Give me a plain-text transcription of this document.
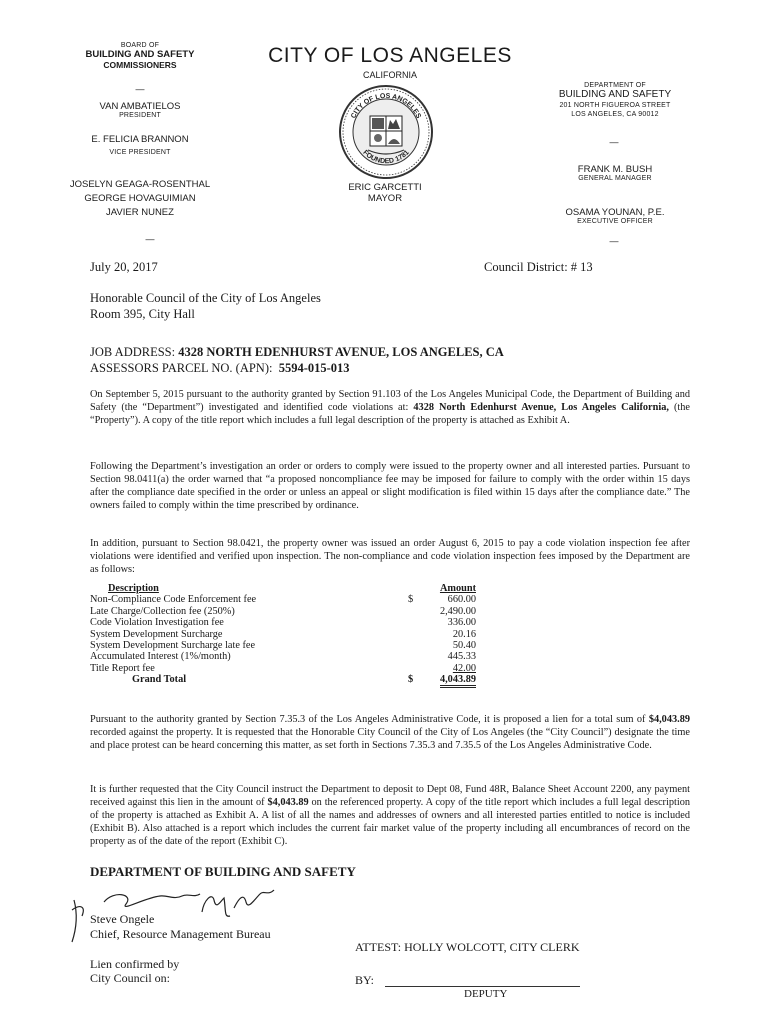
BOARD OF
BUILDING AND SAFETY
COMMISSIONERS
—
VAN AMBATIELOS
PRESIDENT
E. FELICIA BRANNON
VICE PRESIDENT
JOSELYN GEAGA-ROSENTHAL
GEORGE HOVAGUIMIAN
JAVIER NUNEZ
—
CITY OF LOS ANGELES
CALIFORNIA
CITY OF LOS ANGELES
FOUNDED 1781
ERIC GARCETTI
MAYOR
DEPARTMENT OF
BUILDING AND SAFETY
201 NORTH FIGUEROA STREET
LOS ANGELES, CA 90012
—
FRANK M. BUSH
GENERAL MANAGER
OSAMA YOUNAN, P.E.
EXECUTIVE OFFICER
—
July 20, 2017	Council District: # 13
Honorable Council of the City of Los Angeles
Room 395, City Hall
JOB ADDRESS: 4328 NORTH EDENHURST AVENUE, LOS ANGELES, CA
ASSESSORS PARCEL NO. (APN): 5594-015-013
On September 5, 2015 pursuant to the authority granted by Section 91.103 of the Los Angeles Municipal Code, the Department of Building and Safety (the “Department”) investigated and identified code violations at: 4328 North Edenhurst Avenue, Los Angeles California, (the “Property”). A copy of the title report which includes a full legal description of the property is attached as Exhibit A.
Following the Department’s investigation an order or orders to comply were issued to the property owner and all interested parties. Pursuant to Section 98.0411(a) the order warned that “a proposed noncompliance fee may be imposed for failure to comply with the order within 15 days after the compliance date specified in the order or unless an appeal or slight modification is filed within 15 days after the compliance date.” The owners failed to comply within the time prescribed by ordinance.
In addition, pursuant to Section 98.0421, the property owner was issued an order August 6, 2015 to pay a code violation inspection fee after violations were identified and verified upon inspection. The non-compliance and code violation inspection fees imposed by the Department are as follows:
Description		Amount
Non-Compliance Code Enforcement fee	$	660.00
Late Charge/Collection fee (250%)		2,490.00
Code Violation Investigation fee		336.00
System Development Surcharge		20.16
System Development Surcharge late fee		50.40
Accumulated Interest (1%/month)		445.33
Title Report fee		42.00
Grand Total	$	4,043.89
Pursuant to the authority granted by Section 7.35.3 of the Los Angeles Administrative Code, it is proposed a lien for a total sum of $4,043.89 recorded against the property. It is requested that the Honorable City Council of the City of Los Angeles (the “City Council”) designate the time and place protest can be heard concerning this matter, as set forth in Sections 7.35.3 and 7.35.5 of the Los Angeles Administrative Code.
It is further requested that the City Council instruct the Department to deposit to Dept 08, Fund 48R, Balance Sheet Account 2200, any payment received against this lien in the amount of $4,043.89 on the referenced property. A copy of the title report which includes a full legal description of the property is attached as Exhibit A. A list of all the names and addresses of owners and all interested parties entitled to notice is included (Exhibit B). Also attached is a report which includes the current fair market value of the property including all encumbrances of record on the property as of the date of the report (Exhibit C).
DEPARTMENT OF BUILDING AND SAFETY
Steve Ongele
Chief, Resource Management Bureau
ATTEST: HOLLY WOLCOTT, CITY CLERK
Lien confirmed by
City Council on:	BY:
DEPUTY
